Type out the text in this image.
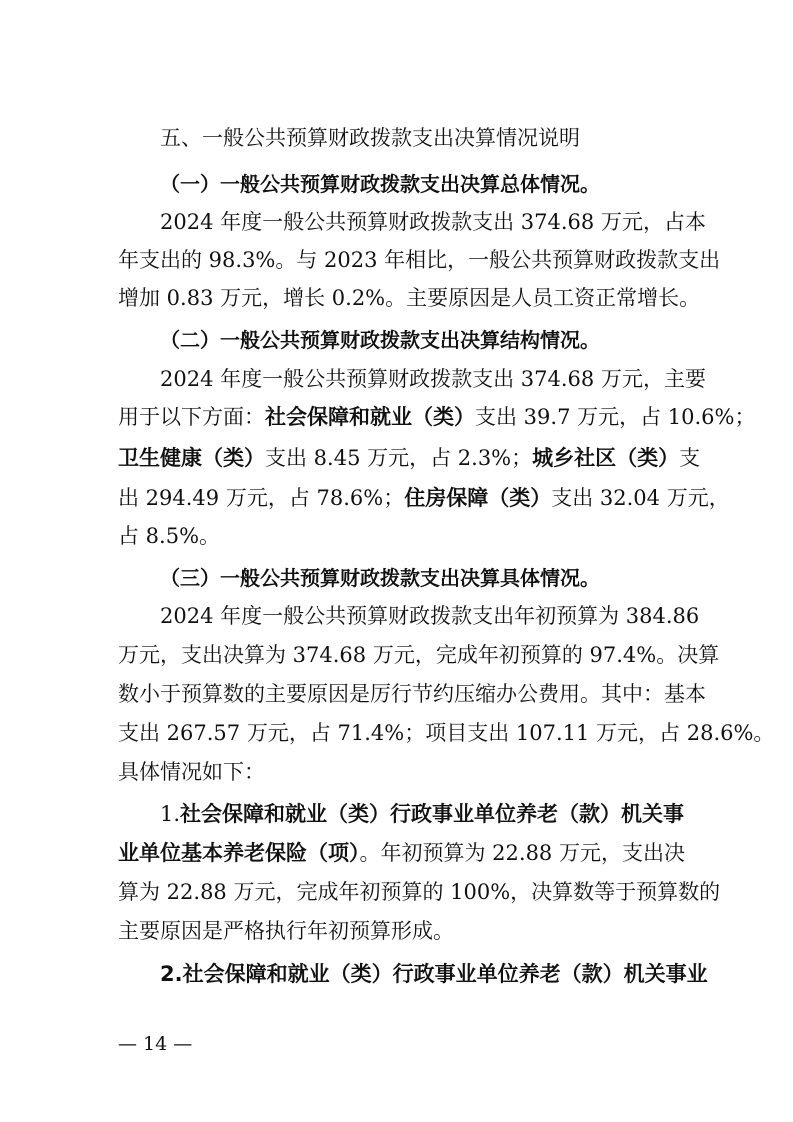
五、一般公共预算财政拨款支出决算情况说明
（一）一般公共预算财政拨款支出决算总体情况。
2024 年度一般公共预算财政拨款支出 374.68 万元，占本
年支出的 98.3%。与 2023 年相比，一般公共预算财政拨款支出
增加 0.83 万元，增长 0.2%。主要原因是人员工资正常增长。
（二）一般公共预算财政拨款支出决算结构情况。
2024 年度一般公共预算财政拨款支出 374.68 万元，主要
用于以下方面：社会保障和就业（类）支出 39.7 万元，占 10.6%；
卫生健康（类）支出 8.45 万元，占 2.3%；城乡社区（类）支
出 294.49 万元，占 78.6%；住房保障（类）支出 32.04 万元，
占 8.5%。
（三）一般公共预算财政拨款支出决算具体情况。
2024 年度一般公共预算财政拨款支出年初预算为 384.86
万元，支出决算为 374.68 万元，完成年初预算的 97.4%。决算
数小于预算数的主要原因是厉行节约压缩办公费用。其中：基本
支出 267.57 万元，占 71.4%；项目支出 107.11 万元，占 28.6%。
具体情况如下：
1.社会保障和就业（类）行政事业单位养老（款）机关事
业单位基本养老保险（项）。年初预算为 22.88 万元，支出决
算为 22.88 万元，完成年初预算的 100%，决算数等于预算数的
主要原因是严格执行年初预算形成。
2.社会保障和就业（类）行政事业单位养老（款）机关事业
— 14 —
